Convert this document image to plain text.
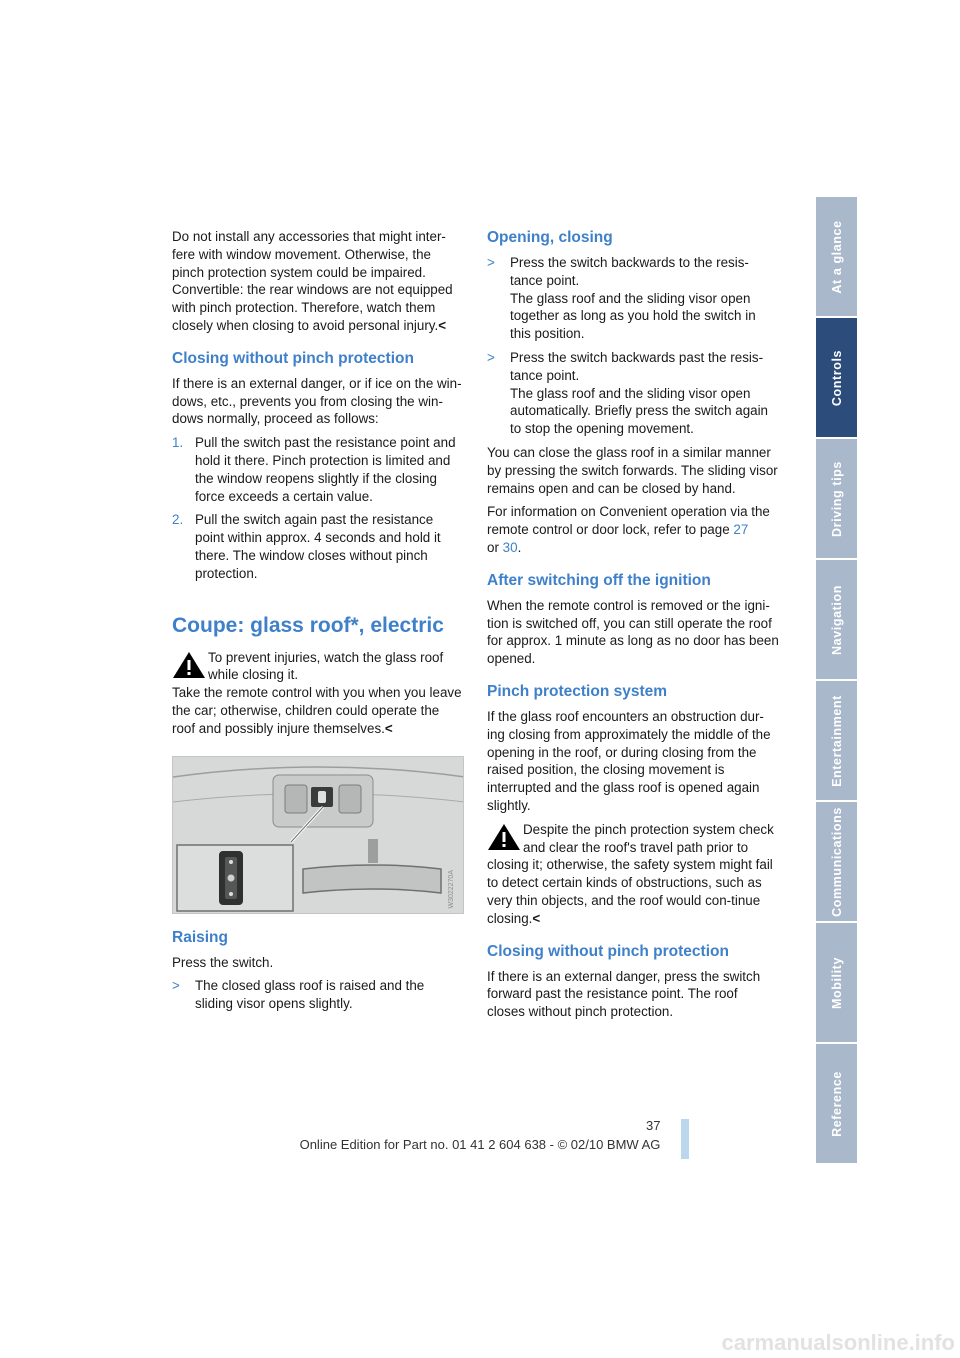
Do not install any accessories that might inter-fere with window movement. Otherwise, the pinch protection system could be impaired. Convertible: the rear windows are not equipped with pinch protection. Therefore, watch them closely when closing to avoid personal injury.<

Closing without pinch protection

If there is an external danger, or if ice on the win-dows, etc., prevents you from closing the win-dows normally, proceed as follows:

1. Pull the switch past the resistance point and hold it there. Pinch protection is limited and the window reopens slightly if the closing force exceeds a certain value.
2. Pull the switch again past the resistance point within approx. 4 seconds and hold it there. The window closes without pinch protection.
Coupe: glass roof*, electric
To prevent injuries, watch the glass roof while closing it.
Take the remote control with you when you leave the car; otherwise, children could operate the roof and possibly injure themselves.<
W3022270A
Raising

Press the switch.

> The closed glass roof is raised and the sliding visor opens slightly.
Opening, closing
> Press the switch backwards to the resis-tance point.
The glass roof and the sliding visor open together as long as you hold the switch in this position.
> Press the switch backwards past the resis-tance point.
The glass roof and the sliding visor open automatically. Briefly press the switch again to stop the opening movement.

You can close the glass roof in a similar manner by pressing the switch forwards. The sliding visor remains open and can be closed by hand.

For information on Convenient operation via the remote control or door lock, refer to page 27
or 30.

After switching off the ignition

When the remote control is removed or the igni-tion is switched off, you can still operate the roof for approx. 1 minute as long as no door has been opened.

Pinch protection system

If the glass roof encounters an obstruction dur-ing closing from approximately the middle of the opening in the roof, or during closing from the raised position, the closing movement is interrupted and the glass roof is opened again slightly.

Despite the pinch protection system check and clear the roof's travel path prior to closing it; otherwise, the safety system might fail to detect certain kinds of obstructions, such as very thin objects, and the roof would con-tinue closing.<
Closing without pinch protection

If there is an external danger, press the switch forward past the resistance point. The roof closes without pinch protection.

At a glance
Controls
Driving tips
Navigation
Entertainment
Communications
Mobility
Reference
37
Online Edition for Part no. 01 41 2 604 638 - © 02/10 BMW AG
carmanualsonline.info
